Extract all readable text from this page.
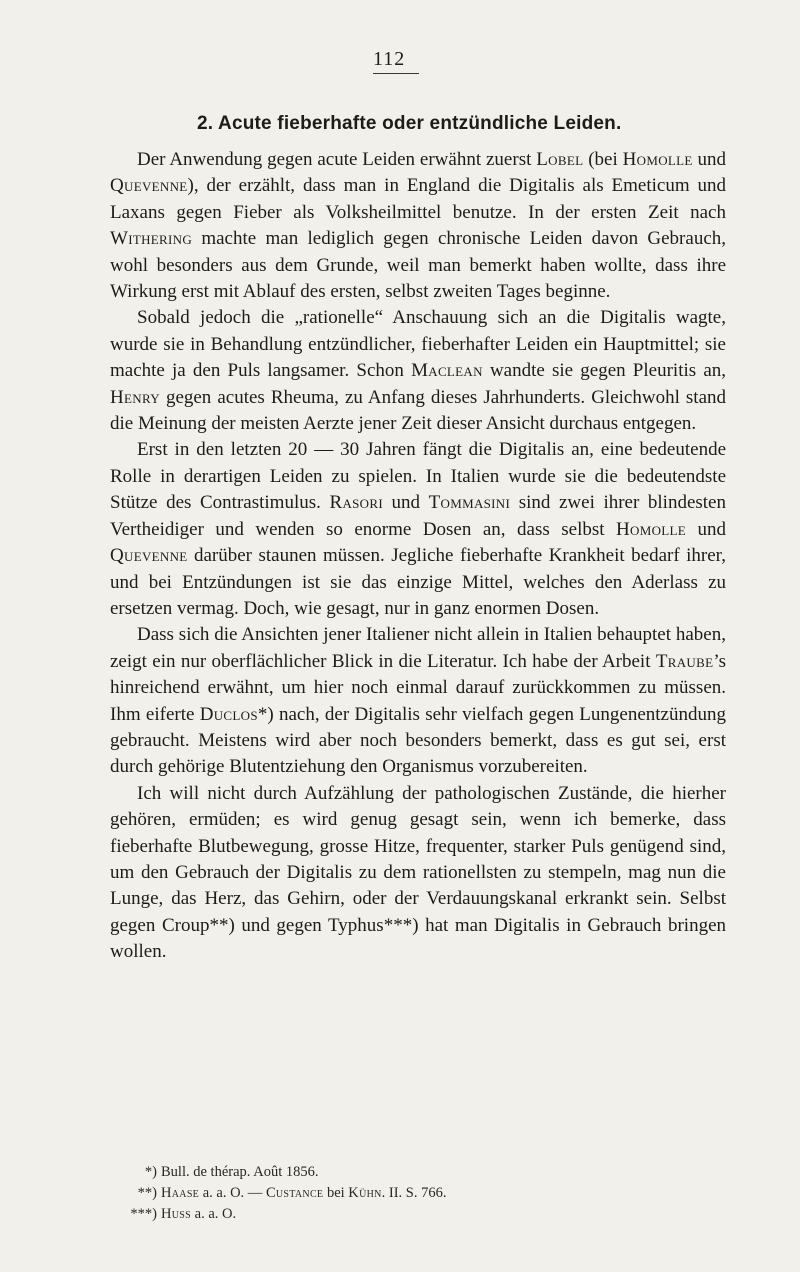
112
2. Acute fieberhafte oder entzündliche Leiden.

Der Anwendung gegen acute Leiden erwähnt zuerst Lobel (bei Homolle und Quevenne), der erzählt, dass man in England die Digitalis als Emeticum und Laxans gegen Fieber als Volksheilmittel benutze. In der ersten Zeit nach Withering machte man lediglich gegen chronische Leiden davon Gebrauch, wohl besonders aus dem Grunde, weil man bemerkt haben wollte, dass ihre Wirkung erst mit Ablauf des ersten, selbst zweiten Tages beginne.

Sobald jedoch die „rationelle“ Anschauung sich an die Digitalis wagte, wurde sie in Behandlung entzündlicher, fieberhafter Leiden ein Hauptmittel; sie machte ja den Puls langsamer. Schon Maclean wandte sie gegen Pleuritis an, Henry gegen acutes Rheuma, zu Anfang dieses Jahrhunderts. Gleichwohl stand die Meinung der meisten Aerzte jener Zeit dieser Ansicht durchaus entgegen.

Erst in den letzten 20 — 30 Jahren fängt die Digitalis an, eine bedeutende Rolle in derartigen Leiden zu spielen. In Italien wurde sie die bedeutendste Stütze des Contrastimulus. Rasori und Tommasini sind zwei ihrer blindesten Vertheidiger und wenden so enorme Dosen an, dass selbst Homolle und Quevenne darüber staunen müssen. Jegliche fieberhafte Krankheit bedarf ihrer, und bei Entzündungen ist sie das einzige Mittel, welches den Aderlass zu ersetzen vermag. Doch, wie gesagt, nur in ganz enormen Dosen.

Dass sich die Ansichten jener Italiener nicht allein in Italien behauptet haben, zeigt ein nur oberflächlicher Blick in die Literatur. Ich habe der Arbeit Traube’s hinreichend erwähnt, um hier noch einmal darauf zurückkommen zu müssen. Ihm eiferte Duclos*) nach, der Digitalis sehr vielfach gegen Lungenentzündung gebraucht. Meistens wird aber noch besonders bemerkt, dass es gut sei, erst durch gehörige Blutentziehung den Organismus vorzubereiten.

Ich will nicht durch Aufzählung der pathologischen Zustände, die hierher gehören, ermüden; es wird genug gesagt sein, wenn ich bemerke, dass fieberhafte Blutbewegung, grosse Hitze, frequenter, starker Puls genügend sind, um den Gebrauch der Digitalis zu dem rationellsten zu stempeln, mag nun die Lunge, das Herz, das Gehirn, oder der Verdauungskanal erkrankt sein. Selbst gegen Croup**) und gegen Typhus***) hat man Digitalis in Gebrauch bringen wollen.

*) Bull. de thérap. Août 1856.
**) Haase a. a. O. — Custance bei Kühn. II. S. 766.
***) Huss a. a. O.
